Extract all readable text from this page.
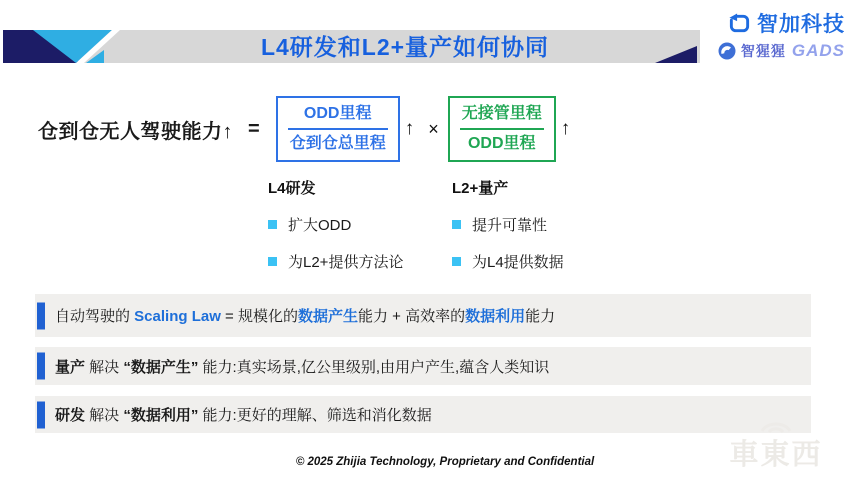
L4研发和L2+量产如何协同
智加科技
智猩猩 GADS
仓到仓无人驾驶能力↑ = $\frac{\text{ODD里程}}{\text{仓到仓总里程}}$ ↑ × $\frac{\text{无接管里程}}{\text{ODD里程}}$ ↑
L4研发
扩大ODD
为L2+提供方法论
L2+量产
提升可靠性
为L4提供数据
自动驾驶的 Scaling Law = 规模化的数据产生能力 + 高效率的数据利用能力
量产 解决 “数据产生” 能力:真实场景,亿公里级别,由用户产生,蕴含人类知识
研发 解决 “数据利用” 能力:更好的理解、筛选和消化数据
© 2025 Zhijia Technology, Proprietary and Confidential	車東西
